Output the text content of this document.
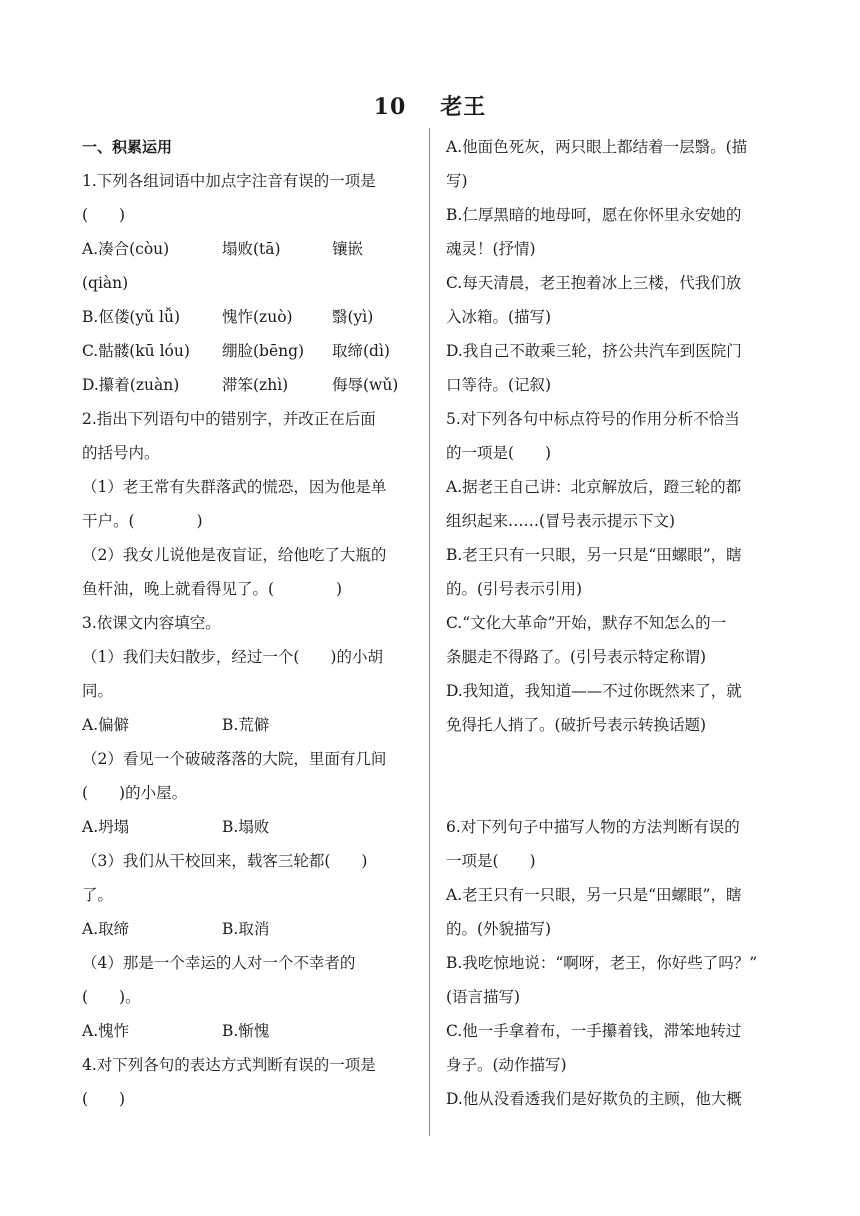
10 老王
一、积累运用
1.下列各组词语中加点字注音有误的一项是
(　　)
A.凑合(còu)	塌败(tā)	镶嵌
(qiàn)
B.伛偻(yǔ lǚ)	愧怍(zuò)	翳(yì)
C.骷髅(kū lóu)	绷脸(bēng)	取缔(dì)
D.攥着(zuàn)	滞笨(zhì)	侮辱(wǔ)
2.指出下列语句中的错别字，并改正在后面
的括号内。
（1）老王常有失群落武的慌恐，因为他是单
干户。(　　　　)
（2）我女儿说他是夜盲证，给他吃了大瓶的
鱼杆油，晚上就看得见了。(　　　　)
3.依课文内容填空。
（1）我们夫妇散步，经过一个(　　)的小胡
同。
A.偏僻	B.荒僻
（2）看见一个破破落落的大院，里面有几间
(　　)的小屋。
A.坍塌	B.塌败
（3）我们从干校回来，载客三轮都(　　)
了。
A.取缔	B.取消
（4）那是一个幸运的人对一个不幸者的
(　　)。
A.愧怍	B.惭愧
4.对下列各句的表达方式判断有误的一项是
(　　)
A.他面色死灰，两只眼上都结着一层翳。(描
写)
B.仁厚黑暗的地母呵，愿在你怀里永安她的
魂灵！(抒情)
C.每天清晨，老王抱着冰上三楼，代我们放
入冰箱。(描写)
D.我自己不敢乘三轮，挤公共汽车到医院门
口等待。(记叙)
5.对下列各句中标点符号的作用分析不恰当
的一项是(　　)
A.据老王自己讲：北京解放后，蹬三轮的都
组织起来……(冒号表示提示下文)
B.老王只有一只眼，另一只是“田螺眼”，瞎
的。(引号表示引用)
C.“文化大革命”开始，默存不知怎么的一
条腿走不得路了。(引号表示特定称谓)
D.我知道，我知道——不过你既然来了，就
免得托人捎了。(破折号表示转换话题)
6.对下列句子中描写人物的方法判断有误的
一项是(　　)
A.老王只有一只眼，另一只是“田螺眼”，瞎
的。(外貌描写)
B.我吃惊地说：“啊呀，老王，你好些了吗？”
(语言描写)
C.他一手拿着布，一手攥着钱，滞笨地转过
身子。(动作描写)
D.他从没看透我们是好欺负的主顾，他大概
